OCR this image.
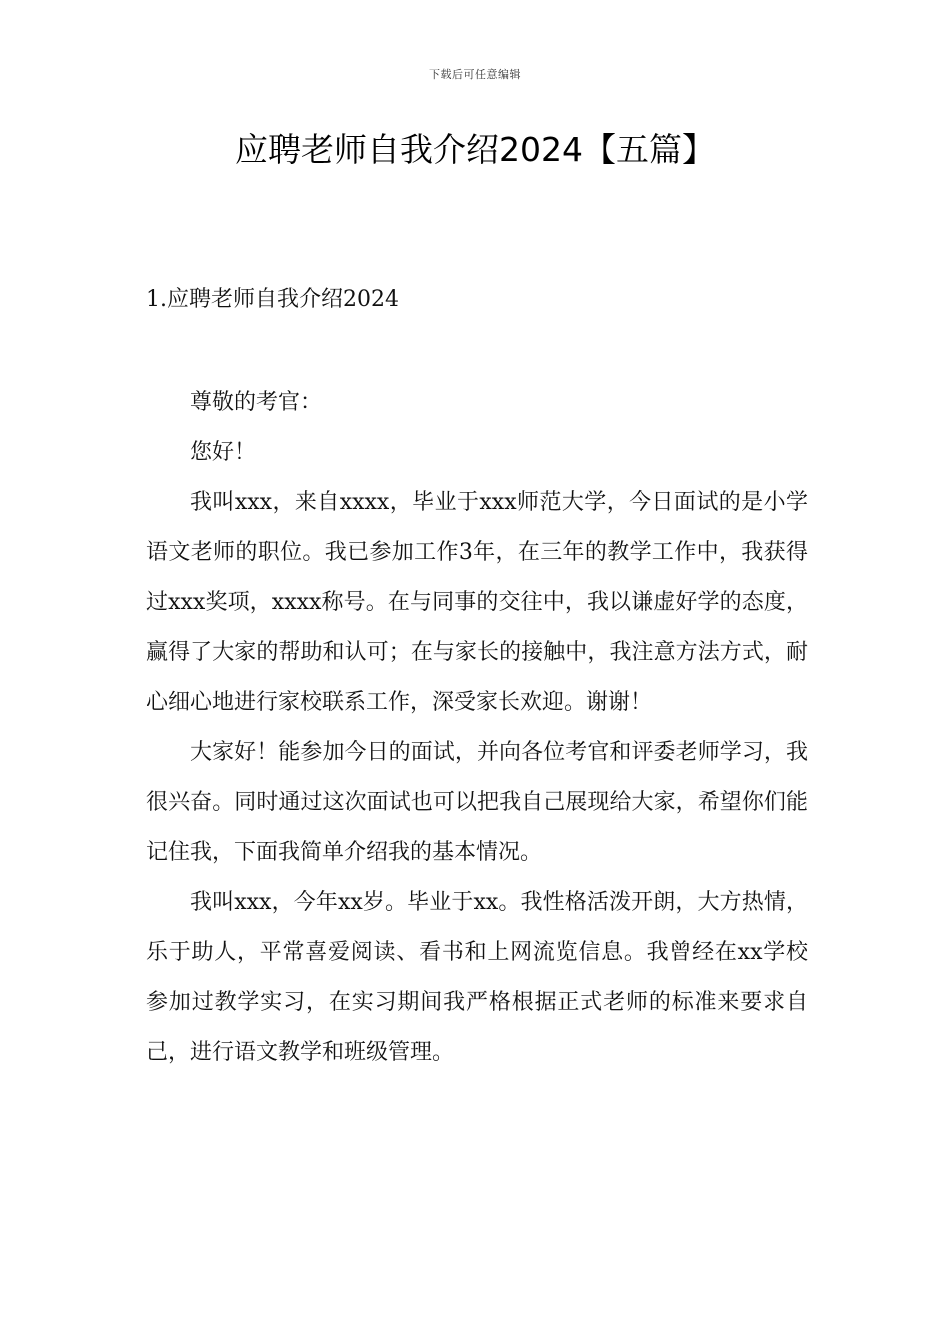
下载后可任意编辑
应聘老师自我介绍2024【五篇】
1.应聘老师自我介绍2024

尊敬的考官：

您好！

我叫xxx，来自xxxx，毕业于xxx师范大学，今日面试的是小学语文老师的职位。我已参加工作3年，在三年的教学工作中，我获得过xxx奖项，xxxx称号。在与同事的交往中，我以谦虚好学的态度，赢得了大家的帮助和认可；在与家长的接触中，我注意方法方式，耐心细心地进行家校联系工作，深受家长欢迎。谢谢！

大家好！能参加今日的面试，并向各位考官和评委老师学习，我很兴奋。同时通过这次面试也可以把我自己展现给大家，希望你们能记住我，下面我简单介绍我的基本情况。

我叫xxx，今年xx岁。毕业于xx。我性格活泼开朗，大方热情，乐于助人，平常喜爱阅读、看书和上网流览信息。我曾经在xx学校参加过教学实习，在实习期间我严格根据正式老师的标准来要求自己，进行语文教学和班级管理。
